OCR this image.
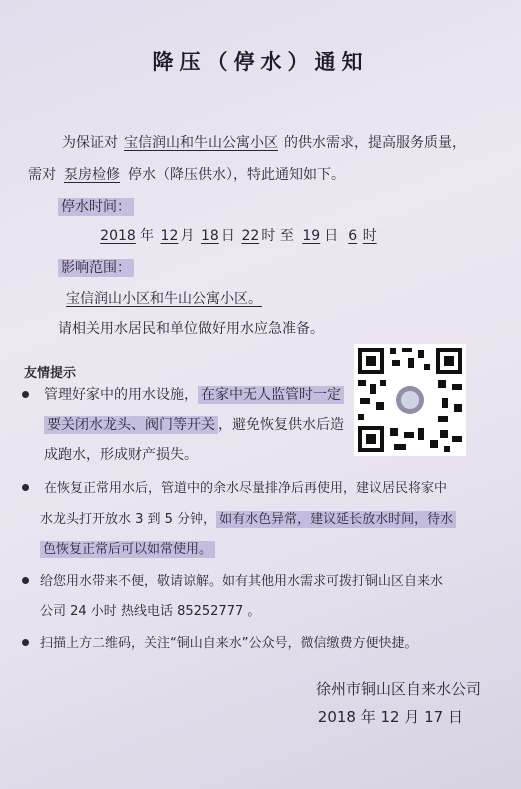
降压（停水）通知
为保证对 宝信润山和牛山公寓小区 的供水需求，提高服务质量，
需对 泵房检修 停水（降压供水），特此通知如下。
停水时间：
2018 年 12 月 18 日 22 时 至 19 日 6 时
影响范围：
宝信润山小区和牛山公寓小区。
请相关用水居民和单位做好用水应急准备。
友情提示
管理好家中的用水设施， 在家中无人监管时一定
要关闭水龙头、阀门等开关 ，避免恢复供水后造
成跑水，形成财产损失。
在恢复正常用水后，管道中的余水尽量排净后再使用，建议居民将家中
水龙头打开放水 3 到 5 分钟， 如有水色异常，建议延长放水时间，待水
色恢复正常后可以如常使用。
给您用水带来不便，敬请谅解。如有其他用水需求可拨打铜山区自来水
公司 24 小时 热线电话 85252777 。
扫描上方二维码，关注“铜山自来水”公众号，微信缴费方便快捷。
徐州市铜山区自来水公司
2018 年 12 月 17 日
